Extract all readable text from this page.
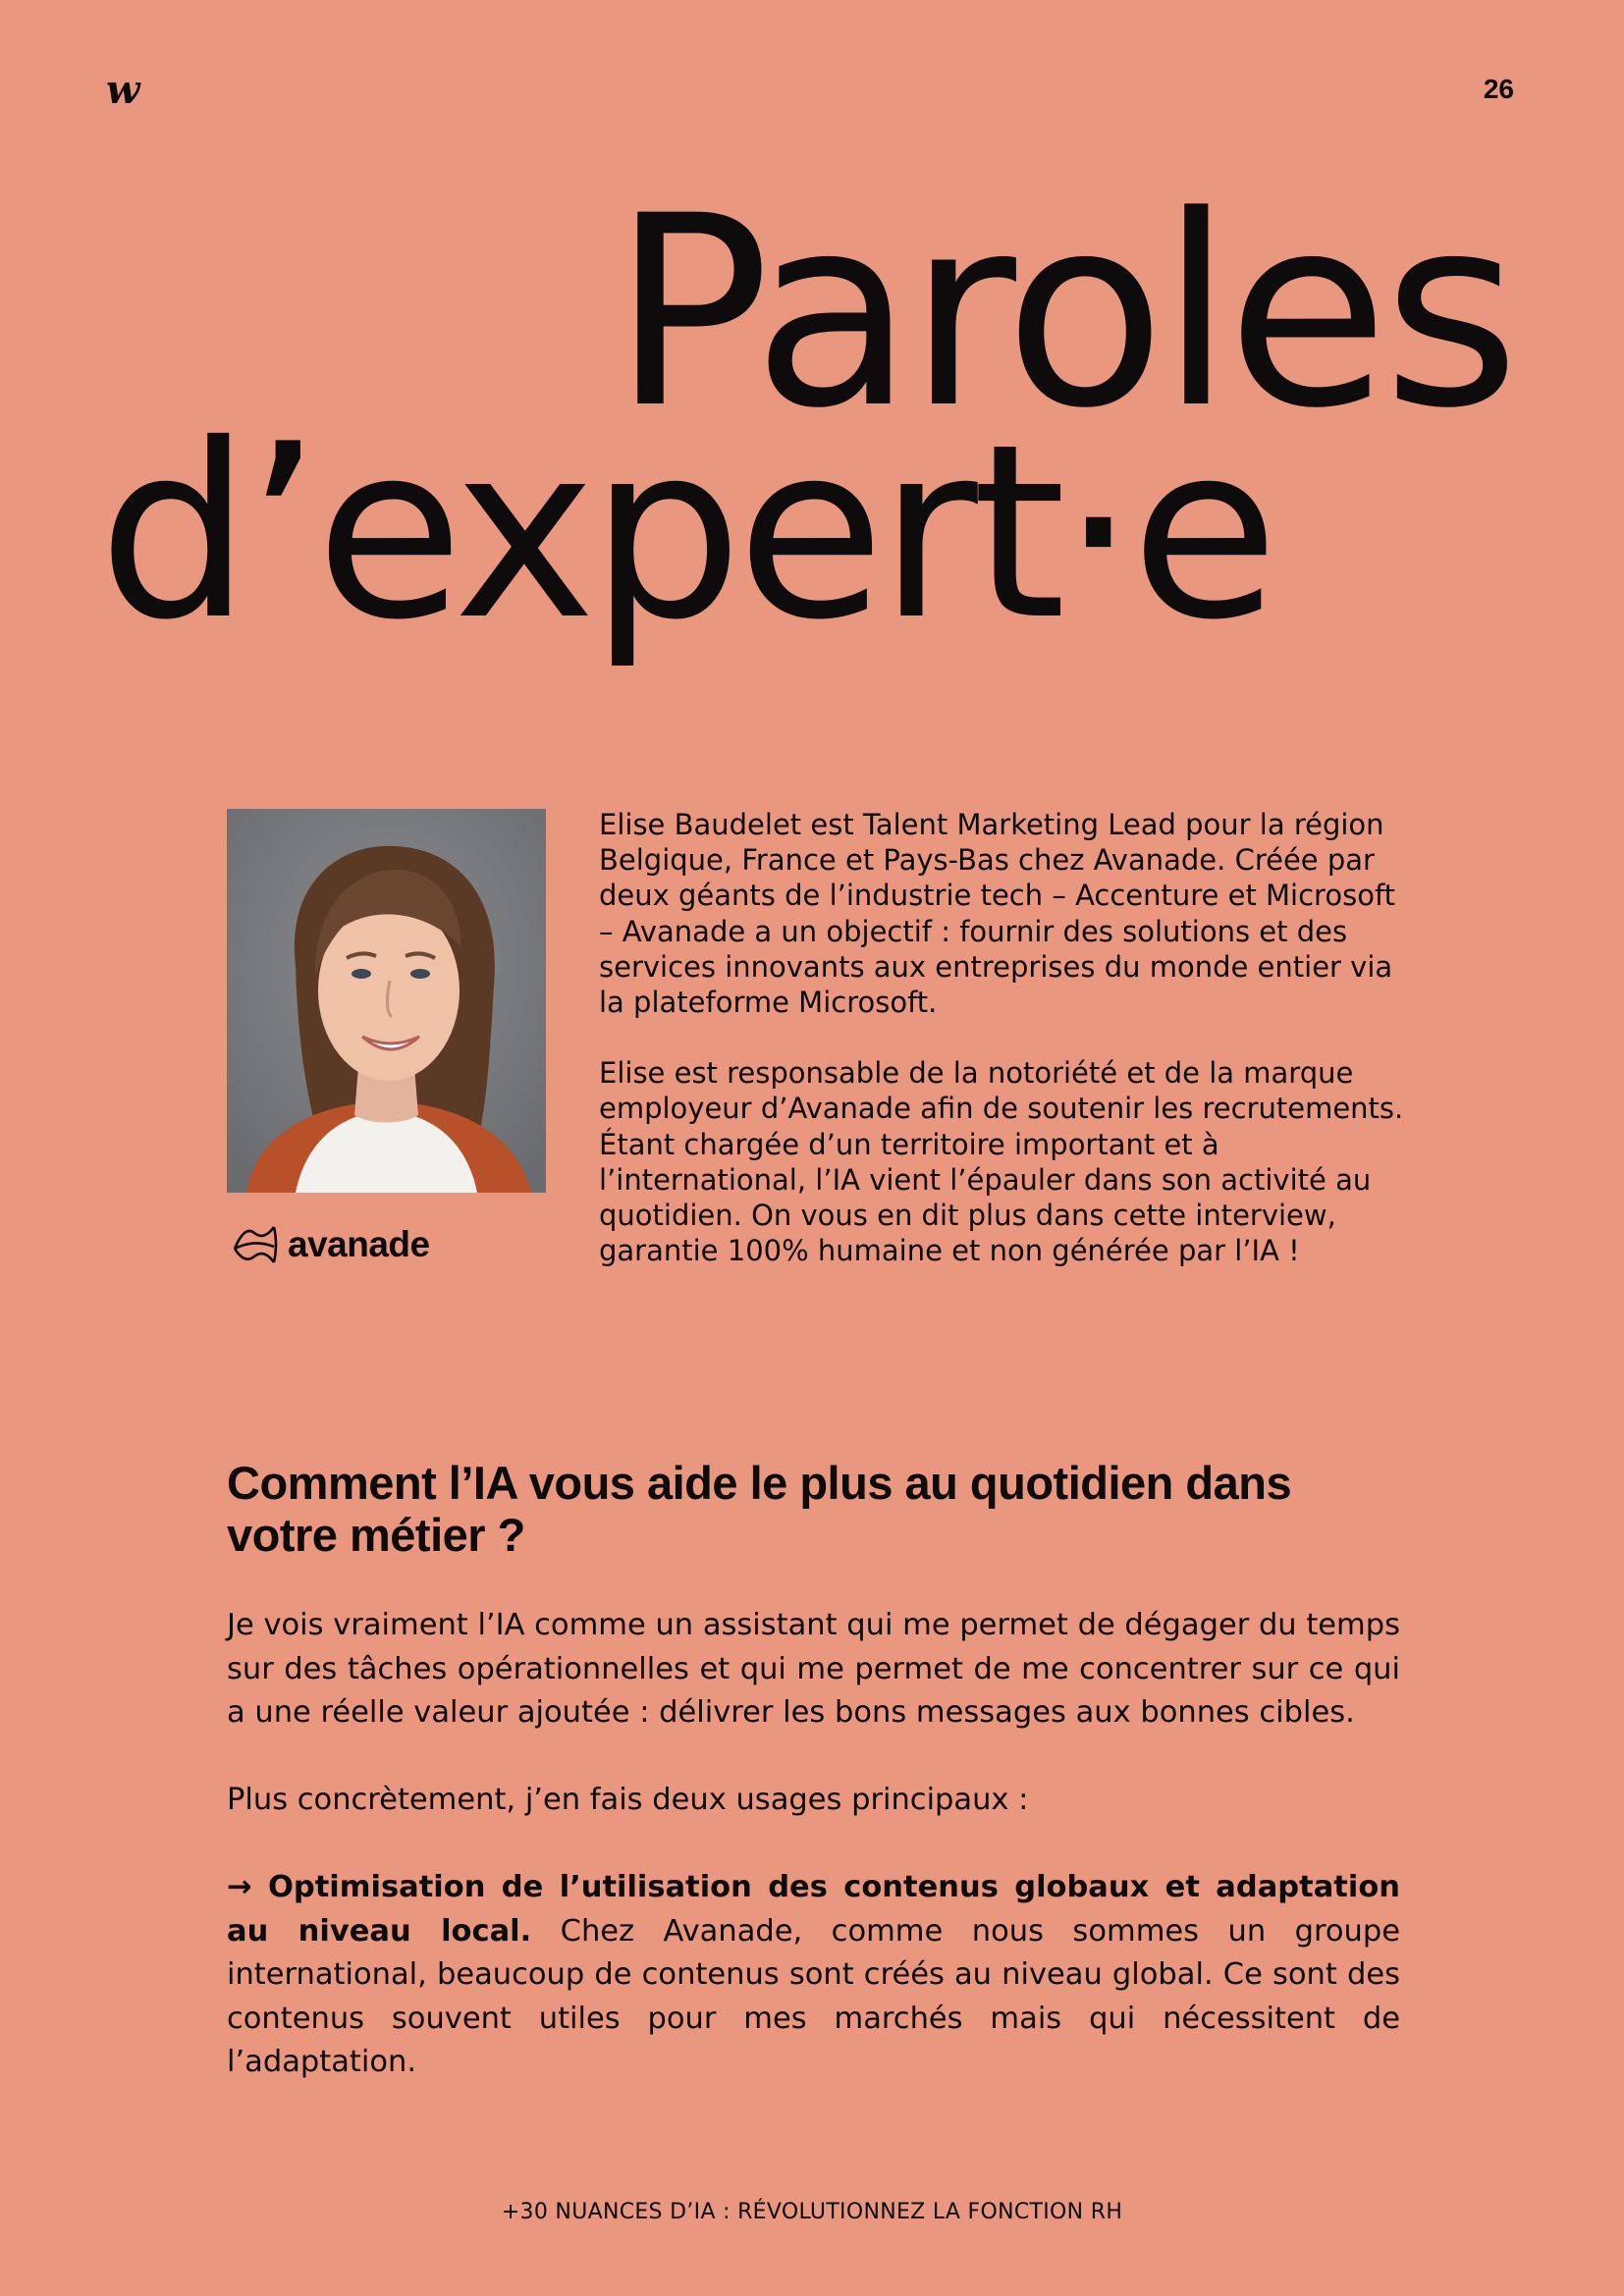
w	26
Paroles
d’expert·e
avanade

Elise Baudelet est Talent Marketing Lead pour la région Belgique, France et Pays-Bas chez Avanade. Créée par deux géants de l’industrie tech – Accenture et Microsoft – Avanade a un objectif : fournir des solutions et des services innovants aux entreprises du monde entier via la plateforme Microsoft.

Elise est responsable de la notoriété et de la marque employeur d’Avanade afin de soutenir les recrutements. Étant chargée d’un territoire important et à l’international, l’IA vient l’épauler dans son activité au quotidien. On vous en dit plus dans cette interview, garantie 100% humaine et non générée par l’IA !

Comment l’IA vous aide le plus au quotidien dans votre métier ?

Je vois vraiment l’IA comme un assistant qui me permet de dégager du temps sur des tâches opérationnelles et qui me permet de me concentrer sur ce qui a une réelle valeur ajoutée : délivrer les bons messages aux bonnes cibles.

Plus concrètement, j’en fais deux usages principaux :

→ Optimisation de l’utilisation des contenus globaux et adaptation au niveau local. Chez Avanade, comme nous sommes un groupe international, beaucoup de contenus sont créés au niveau global. Ce sont des contenus souvent utiles pour mes marchés mais qui nécessitent de l’adaptation.

+30 NUANCES D’IA : RÉVOLUTIONNEZ LA FONCTION RH
